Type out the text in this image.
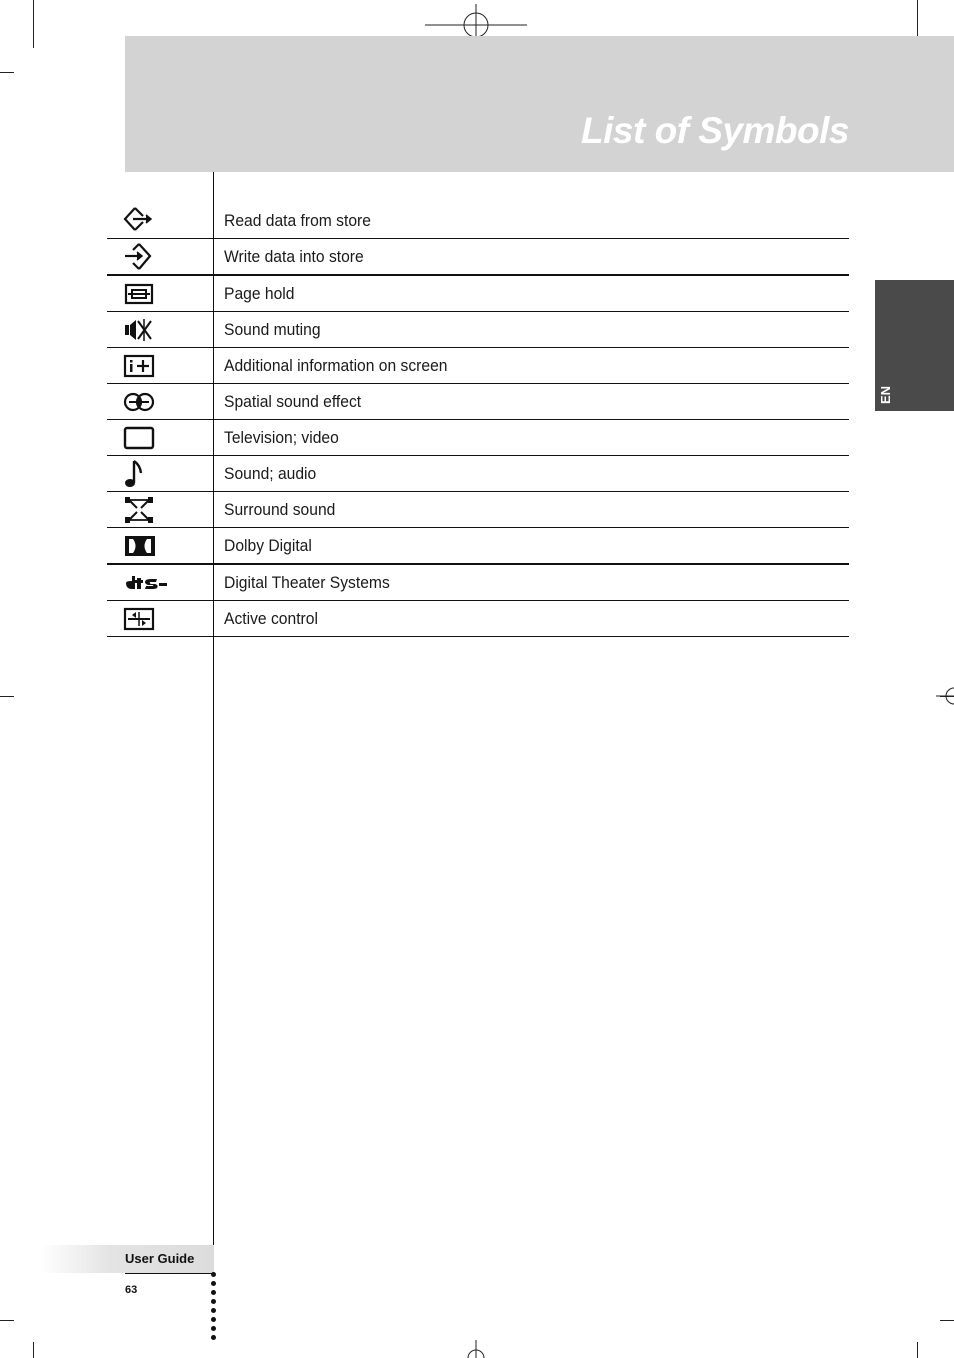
List of Symbols
EN
	Read data from store

	Write data into store

	Page hold

	Sound muting

	Additional information on screen

	Spatial sound effect

	Television; video

	Sound; audio

	Surround sound

	Dolby Digital

	Digital Theater Systems

	Active control
User Guide
63
